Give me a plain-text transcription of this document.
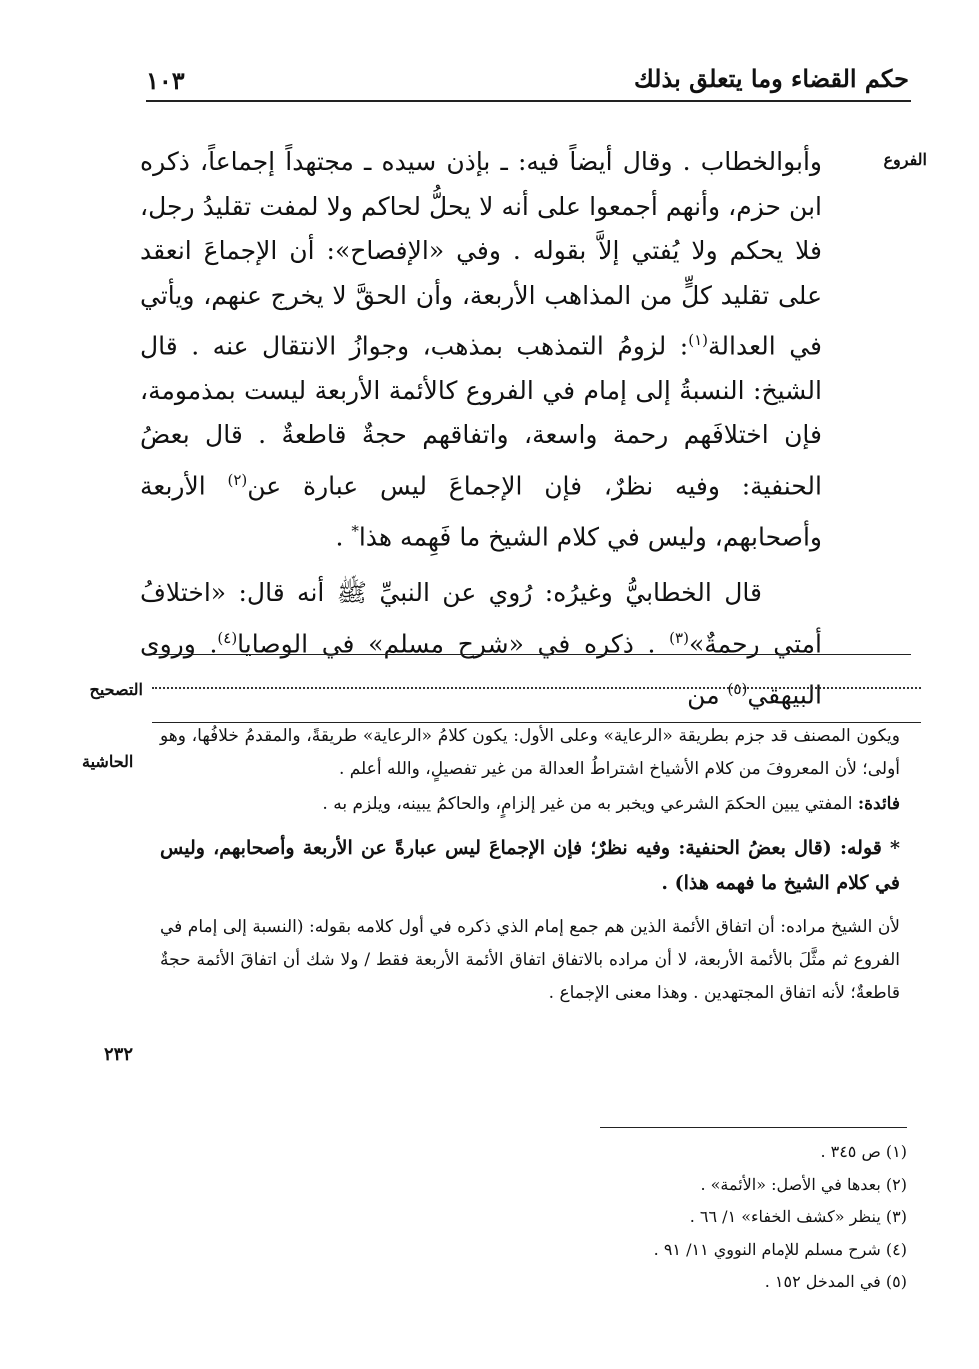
حكم القضاء وما يتعلق بذلك
١٠٣
الفروع

وأبوالخطاب . وقال أيضاً فيه: ـ بإذن سيده ـ مجتهداً إجماعاً، ذكره ابن حزم، وأنهم أجمعوا على أنه لا يحلُّ لحاكم ولا لمفت تقليدُ رجل، فلا يحكم ولا يُفتي إلاَّ بقوله . وفي «الإفصاح»: أن الإجماعَ انعقد على تقليد كلٍّ من المذاهب الأربعة، وأن الحقَّ لا يخرج عنهم، ويأتي في العدالة$^{(١)}$: لزومُ التمذهب بمذهب، وجوازُ الانتقال عنه . قال الشيخ: النسبةُ إلى إمام في الفروع كالأئمة الأربعة ليست بمذمومة، فإن اختلافَهم رحمة واسعة، واتفاقهم حجةٌ قاطعةٌ . قال بعضُ الحنفية: وفيه نظرٌ، فإن الإجماعَ ليس عبارة عن$^{(٢)}$ الأربعة وأصحابهم، وليس في كلام الشيخ ما فَهِمه هذا* .

قال الخطابيُّ وغيرُه: رُوي عن النبيِّ ﷺ أنه قال: «اختلافُ أمتي رحمةٌ»$^{(٣)}$ . ذكره في «شرح مسلم» في الوصايا$^{(٤)}$. وروى البيهقي$^{(٥)}$ من

التصحيح
الحاشية

ويكون المصنف قد جزم بطريقة «الرعاية» وعلى الأول: يكون كلامُ «الرعاية» طريقةً، والمقدمُ خلافُها، وهو أولى؛ لأن المعروفَ من كلام الأشياخ اشتراطُ العدالة من غير تفصيلٍ، والله أعلم .

فائدة: المفتي يبين الحكمَ الشرعي ويخبر به من غير إلزامٍ، والحاكمُ يبينه، ويلزم به .

* قوله: (قال بعضُ الحنفية: وفيه نظرٌ؛ فإن الإجماعَ ليس عبارةً عن الأربعة وأصحابهم، وليس في كلام الشيخ ما فهمه هذا) .

لأن الشيخ مراده: أن اتفاق الأئمة الذين هم جمع إمام الذي ذكره في أول كلامه بقوله: (النسبة إلى إمام في الفروع ثم مثَّلَ بالأئمة الأربعة، لا أن مراده بالاتفاق اتفاق الأئمة الأربعة فقط / ولا شك أن اتفاقَ الأئمة حجةٌ قاطعةٌ؛ لأنه اتفاق المجتهدين . وهذا معنى الإجماع .

٢٣٢
(١) ص ٣٤٥ .
(٢) بعدها في الأصل: «الأئمة» .
(٣) ينظر «كشف الخفاء» ١/ ٦٦ .
(٤) شرح مسلم للإمام النووي ١١/ ٩١ .
(٥) في المدخل ١٥٢ .
